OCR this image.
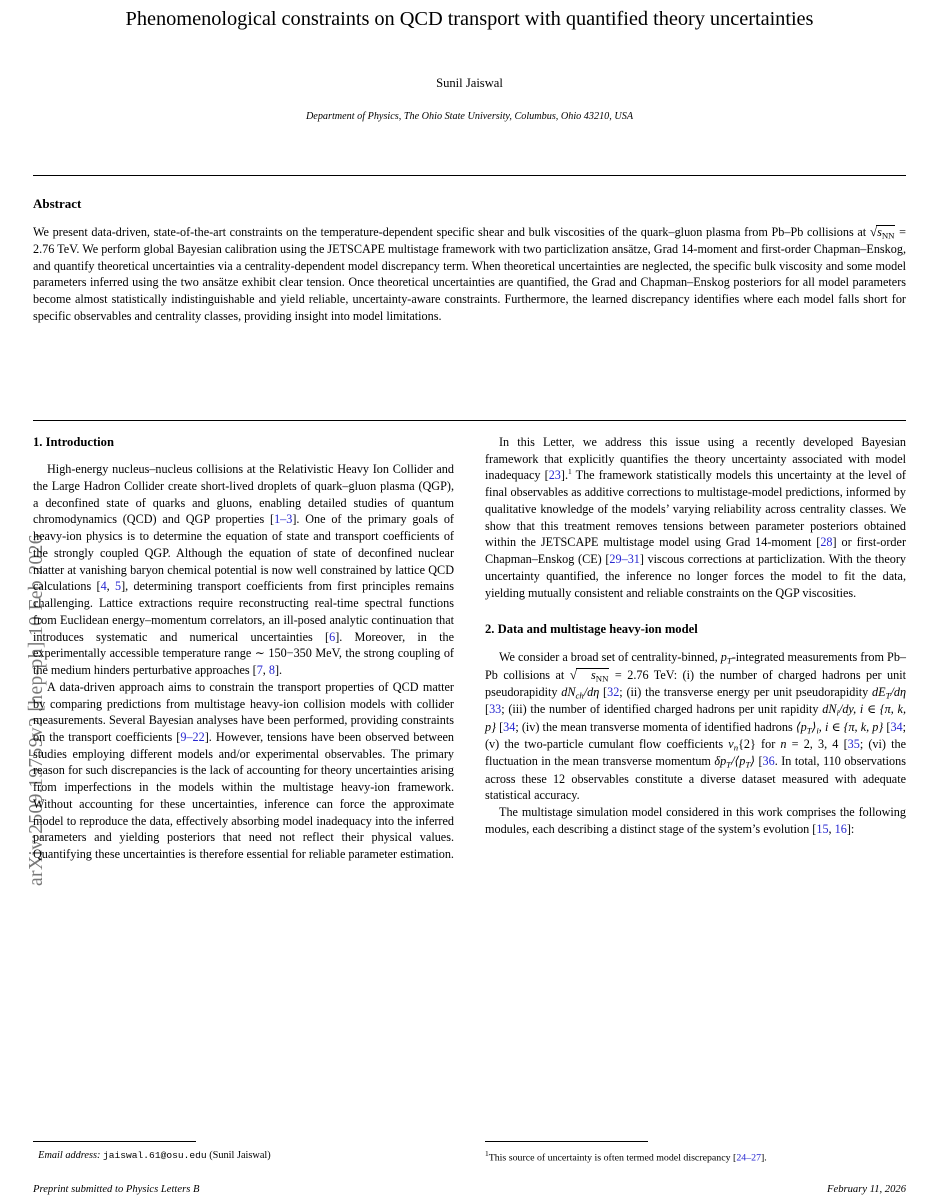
arXiv:2509.19759v2 [hep-ph] 10 Feb 2026
Phenomenological constraints on QCD transport with quantified theory uncertainties
Sunil Jaiswal
Department of Physics, The Ohio State University, Columbus, Ohio 43210, USA
Abstract
We present data-driven, state-of-the-art constraints on the temperature-dependent specific shear and bulk viscosities of the quark–gluon plasma from Pb–Pb collisions at $√s_{NN} = 2.76$ TeV. We perform global Bayesian calibration using the JETSCAPE multistage framework with two particlization ansätze, Grad 14-moment and first-order Chapman–Enskog, and quantify theoretical uncertainties via a centrality-dependent model discrepancy term. When theoretical uncertainties are neglected, the specific bulk viscosity and some model parameters inferred using the two ansätze exhibit clear tension. Once theoretical uncertainties are quantified, the Grad and Chapman–Enskog posteriors for all model parameters become almost statistically indistinguishable and yield reliable, uncertainty-aware constraints. Furthermore, the learned discrepancy identifies where each model falls short for specific observables and centrality classes, providing insight into model limitations.
1. Introduction

High-energy nucleus–nucleus collisions at the Relativistic Heavy Ion Collider and the Large Hadron Collider create short-lived droplets of quark–gluon plasma (QGP), a deconfined state of quarks and gluons, enabling detailed studies of quantum chromodynamics (QCD) and QGP properties [1–3]. One of the primary goals of heavy-ion physics is to determine the equation of state and transport coefficients of the strongly coupled QGP. Although the equation of state of deconfined nuclear matter at vanishing baryon chemical potential is now well constrained by lattice QCD calculations [4, 5], determining transport coefficients from first principles remains challenging. Lattice extractions require reconstructing real-time spectral functions from Euclidean energy–momentum correlators, an ill-posed analytic continuation that introduces systematic and numerical uncertainties [6]. Moreover, in the experimentally accessible temperature range ∼ 150−350 MeV, the strong coupling of the medium hinders perturbative approaches [7, 8].

A data-driven approach aims to constrain the transport properties of QCD matter by comparing predictions from multistage heavy-ion collision models with collider measurements. Several Bayesian analyses have been performed, providing constraints on the transport coefficients [9–22]. However, tensions have been observed between studies employing different models and/or experimental observables. The primary reason for such discrepancies is the lack of accounting for theory uncertainties arising from imperfections in the models within the multistage heavy-ion framework. Without accounting for these uncertainties, inference can force the approximate model to reproduce the data, effectively absorbing model inadequacy into the inferred parameters and yielding posteriors that need not reflect their physical values. Quantifying these uncertainties is therefore essential for reliable parameter estimation.

In this Letter, we address this issue using a recently developed Bayesian framework that explicitly quantifies the theory uncertainty associated with model inadequacy [23].$^1$ The framework statistically models this uncertainty at the level of final observables as additive corrections to multistage-model predictions, informed by qualitative knowledge of the models’ varying reliability across centrality classes. We show that this treatment removes tensions between parameter posteriors obtained within the JETSCAPE multistage model using Grad 14-moment [28] or first-order Chapman–Enskog (CE) [29–31] viscous corrections at particlization. With the theory uncertainty quantified, the inference no longer forces the model to fit the data, yielding mutually consistent and reliable constraints on the QGP viscosities.

2. Data and multistage heavy-ion model

We consider a broad set of centrality-binned, $p_T$-integrated measurements from Pb–Pb collisions at √ $s_{NN} = 2.76$ TeV: (i) the number of charged hadrons per unit pseudorapidity $dN_{ch}/d\eta$ [32; (ii) the transverse energy per unit pseudorapidity $dE_T/d\eta$ [33; (iii) the number of identified charged hadrons per unit rapidity $dN_i/dy$, i ∈ {π, k, p} [34; (iv) the mean transverse momenta of identified hadrons $⟨p_T⟩_i$, i ∈ {π, k, p} [34; (v) the two-particle cumulant flow coefficients $v_n\{2\}$ for n = 2, 3, 4 [35; (vi) the fluctuation in the mean transverse momentum $\delta p_T/⟨p_T⟩$ [36. In total, 110 observations across these 12 observables constitute a diverse dataset measured with adequate statistical accuracy.

The multistage simulation model considered in this work comprises the following modules, each describing a distinct stage of the system’s evolution [15, 16]:

Email address: jaiswal.61@osu.edu (Sunil Jaiswal)	$^1$This source of uncertainty is often termed model discrepancy [24–27].
Preprint submitted to Physics Letters B	February 11, 2026
